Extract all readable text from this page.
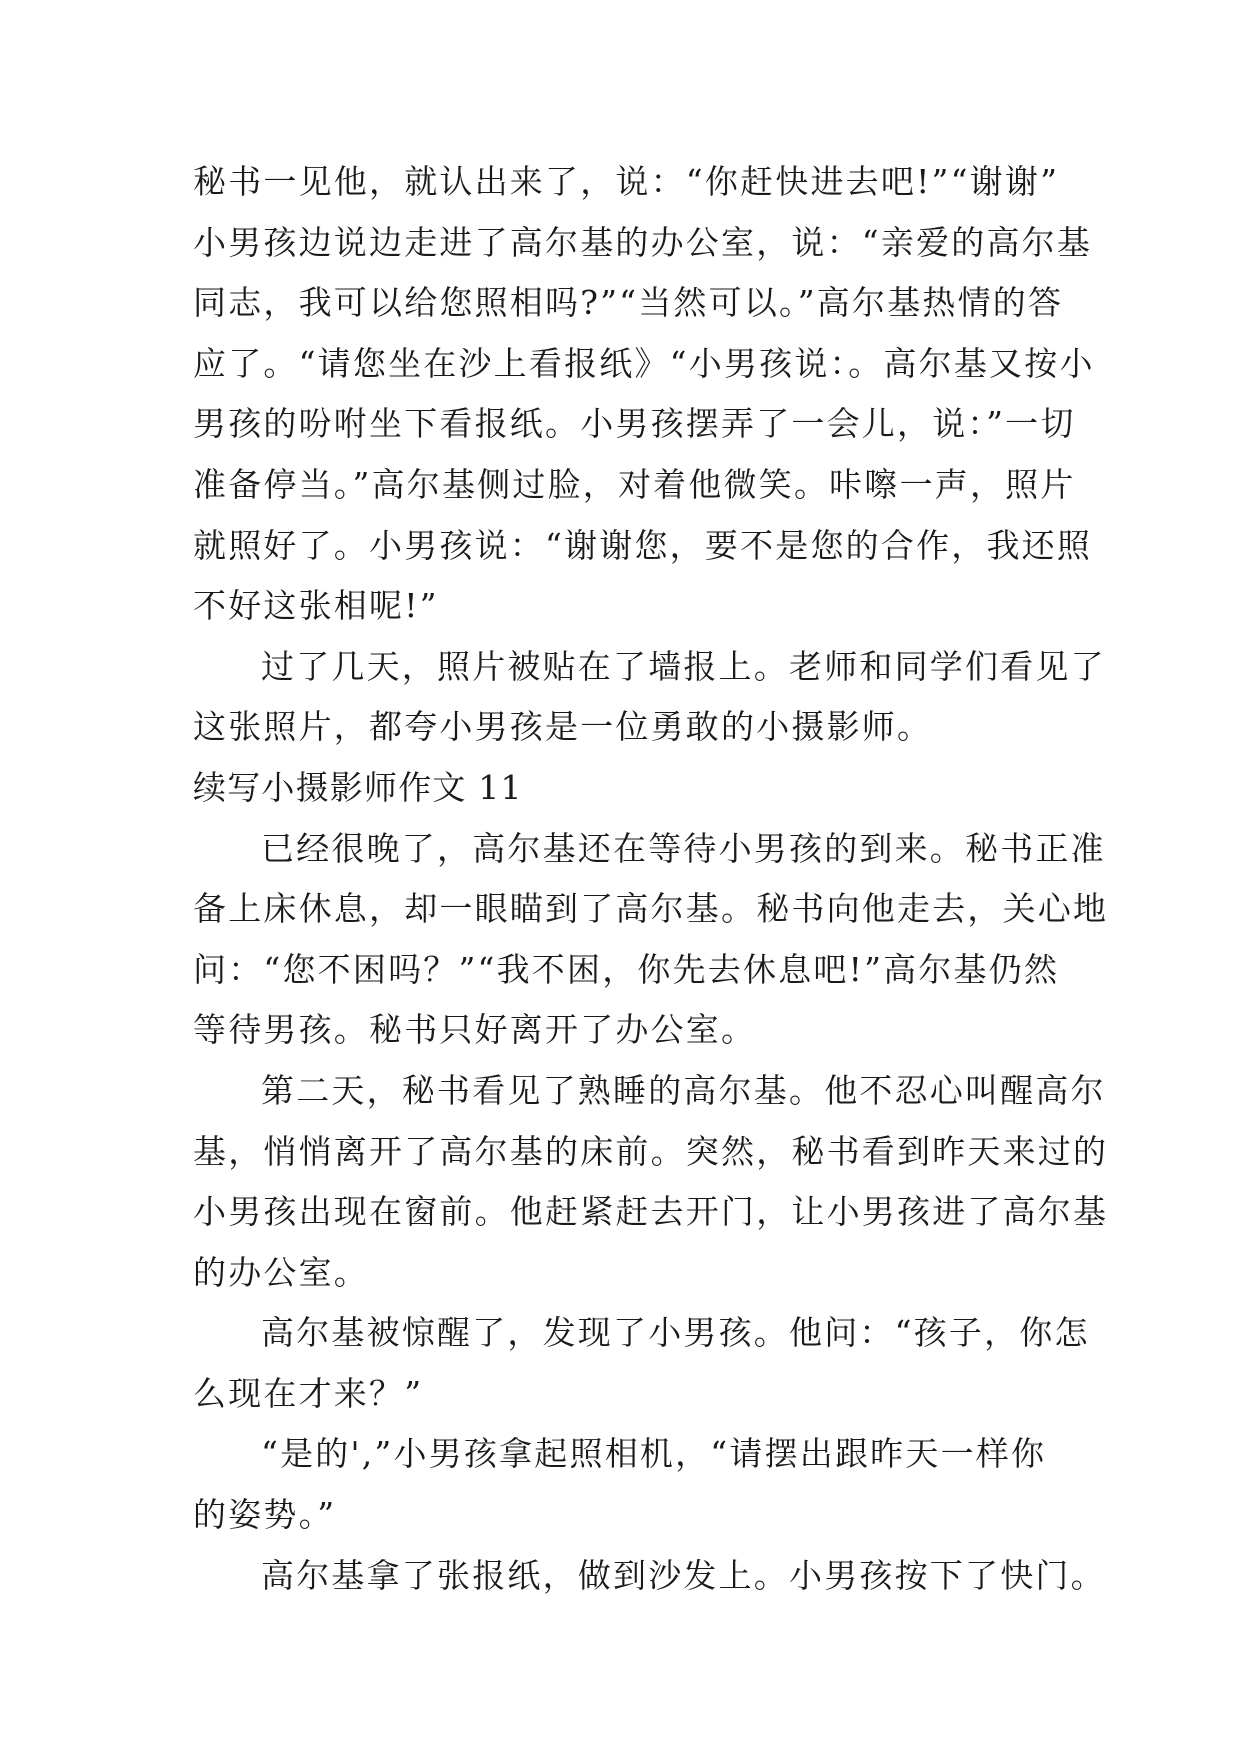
秘书一见他，就认出来了，说：“你赶快进去吧!”“谢谢”
小男孩边说边走进了高尔基的办公室，说：“亲爱的高尔基
同志，我可以给您照相吗?”“当然可以。”高尔基热情的答
应了。“请您坐在沙上看报纸》“小男孩说：。高尔基又按小
男孩的吩咐坐下看报纸。小男孩摆弄了一会儿，说：”一切
准备停当。”高尔基侧过脸，对着他微笑。咔嚓一声，照片
就照好了。小男孩说：“谢谢您，要不是您的合作，我还照
不好这张相呢!”
过了几天，照片被贴在了墙报上。老师和同学们看见了
这张照片，都夸小男孩是一位勇敢的小摄影师。
续写小摄影师作文 11
已经很晚了，高尔基还在等待小男孩的到来。秘书正准
备上床休息，却一眼瞄到了高尔基。秘书向他走去，关心地
问：“您不困吗？”“我不困，你先去休息吧!”高尔基仍然
等待男孩。秘书只好离开了办公室。
第二天，秘书看见了熟睡的高尔基。他不忍心叫醒高尔
基，悄悄离开了高尔基的床前。突然，秘书看到昨天来过的
小男孩出现在窗前。他赶紧赶去开门，让小男孩进了高尔基
的办公室。
高尔基被惊醒了，发现了小男孩。他问：“孩子，你怎
么现在才来？”
“是的',”小男孩拿起照相机，“请摆出跟昨天一样你
的姿势。”
高尔基拿了张报纸，做到沙发上。小男孩按下了快门。
